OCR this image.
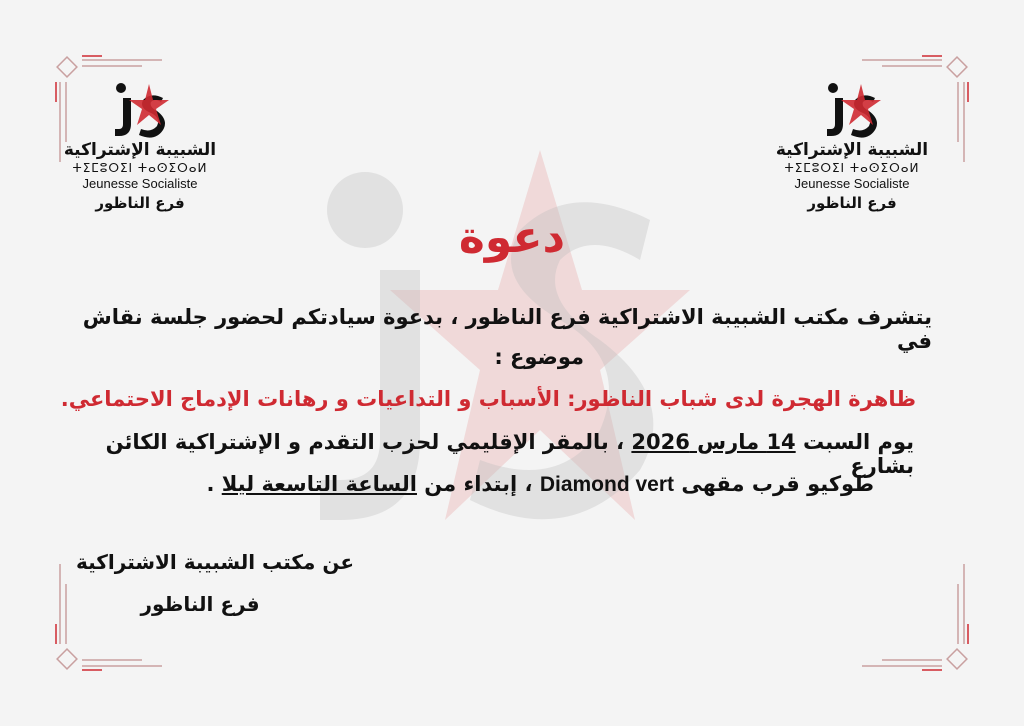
الشبيبة الإشتراكية
ⵜⵉⵎⵓⵔⵉⵏ ⵜⴰⵙⵉⵔⴰⵍ
Jeunesse Socialiste
فرع الناظور
الشبيبة الإشتراكية
ⵜⵉⵎⵓⵔⵉⵏ ⵜⴰⵙⵉⵔⴰⵍ
Jeunesse Socialiste
فرع الناظور
دعوة
يتشرف مكتب الشبيبة الاشتراكية فرع الناظور ، بدعوة سيادتكم لحضور جلسة نقاش في
موضوع :
ظاهرة الهجرة لدى شباب الناظور: الأسباب و التداعيات و رهانات الإدماج الاحتماعي.
يوم السبت 14 مارس 2026 ، بالمقر الإقليمي لحزب التقدم و الإشتراكية الكائن بشارع
طوكيو قرب مقهى Diamond vert ، إبتداء من الساعة التاسعة ليلا .
عن مكتب الشبيبة الاشتراكية
فرع الناظور
